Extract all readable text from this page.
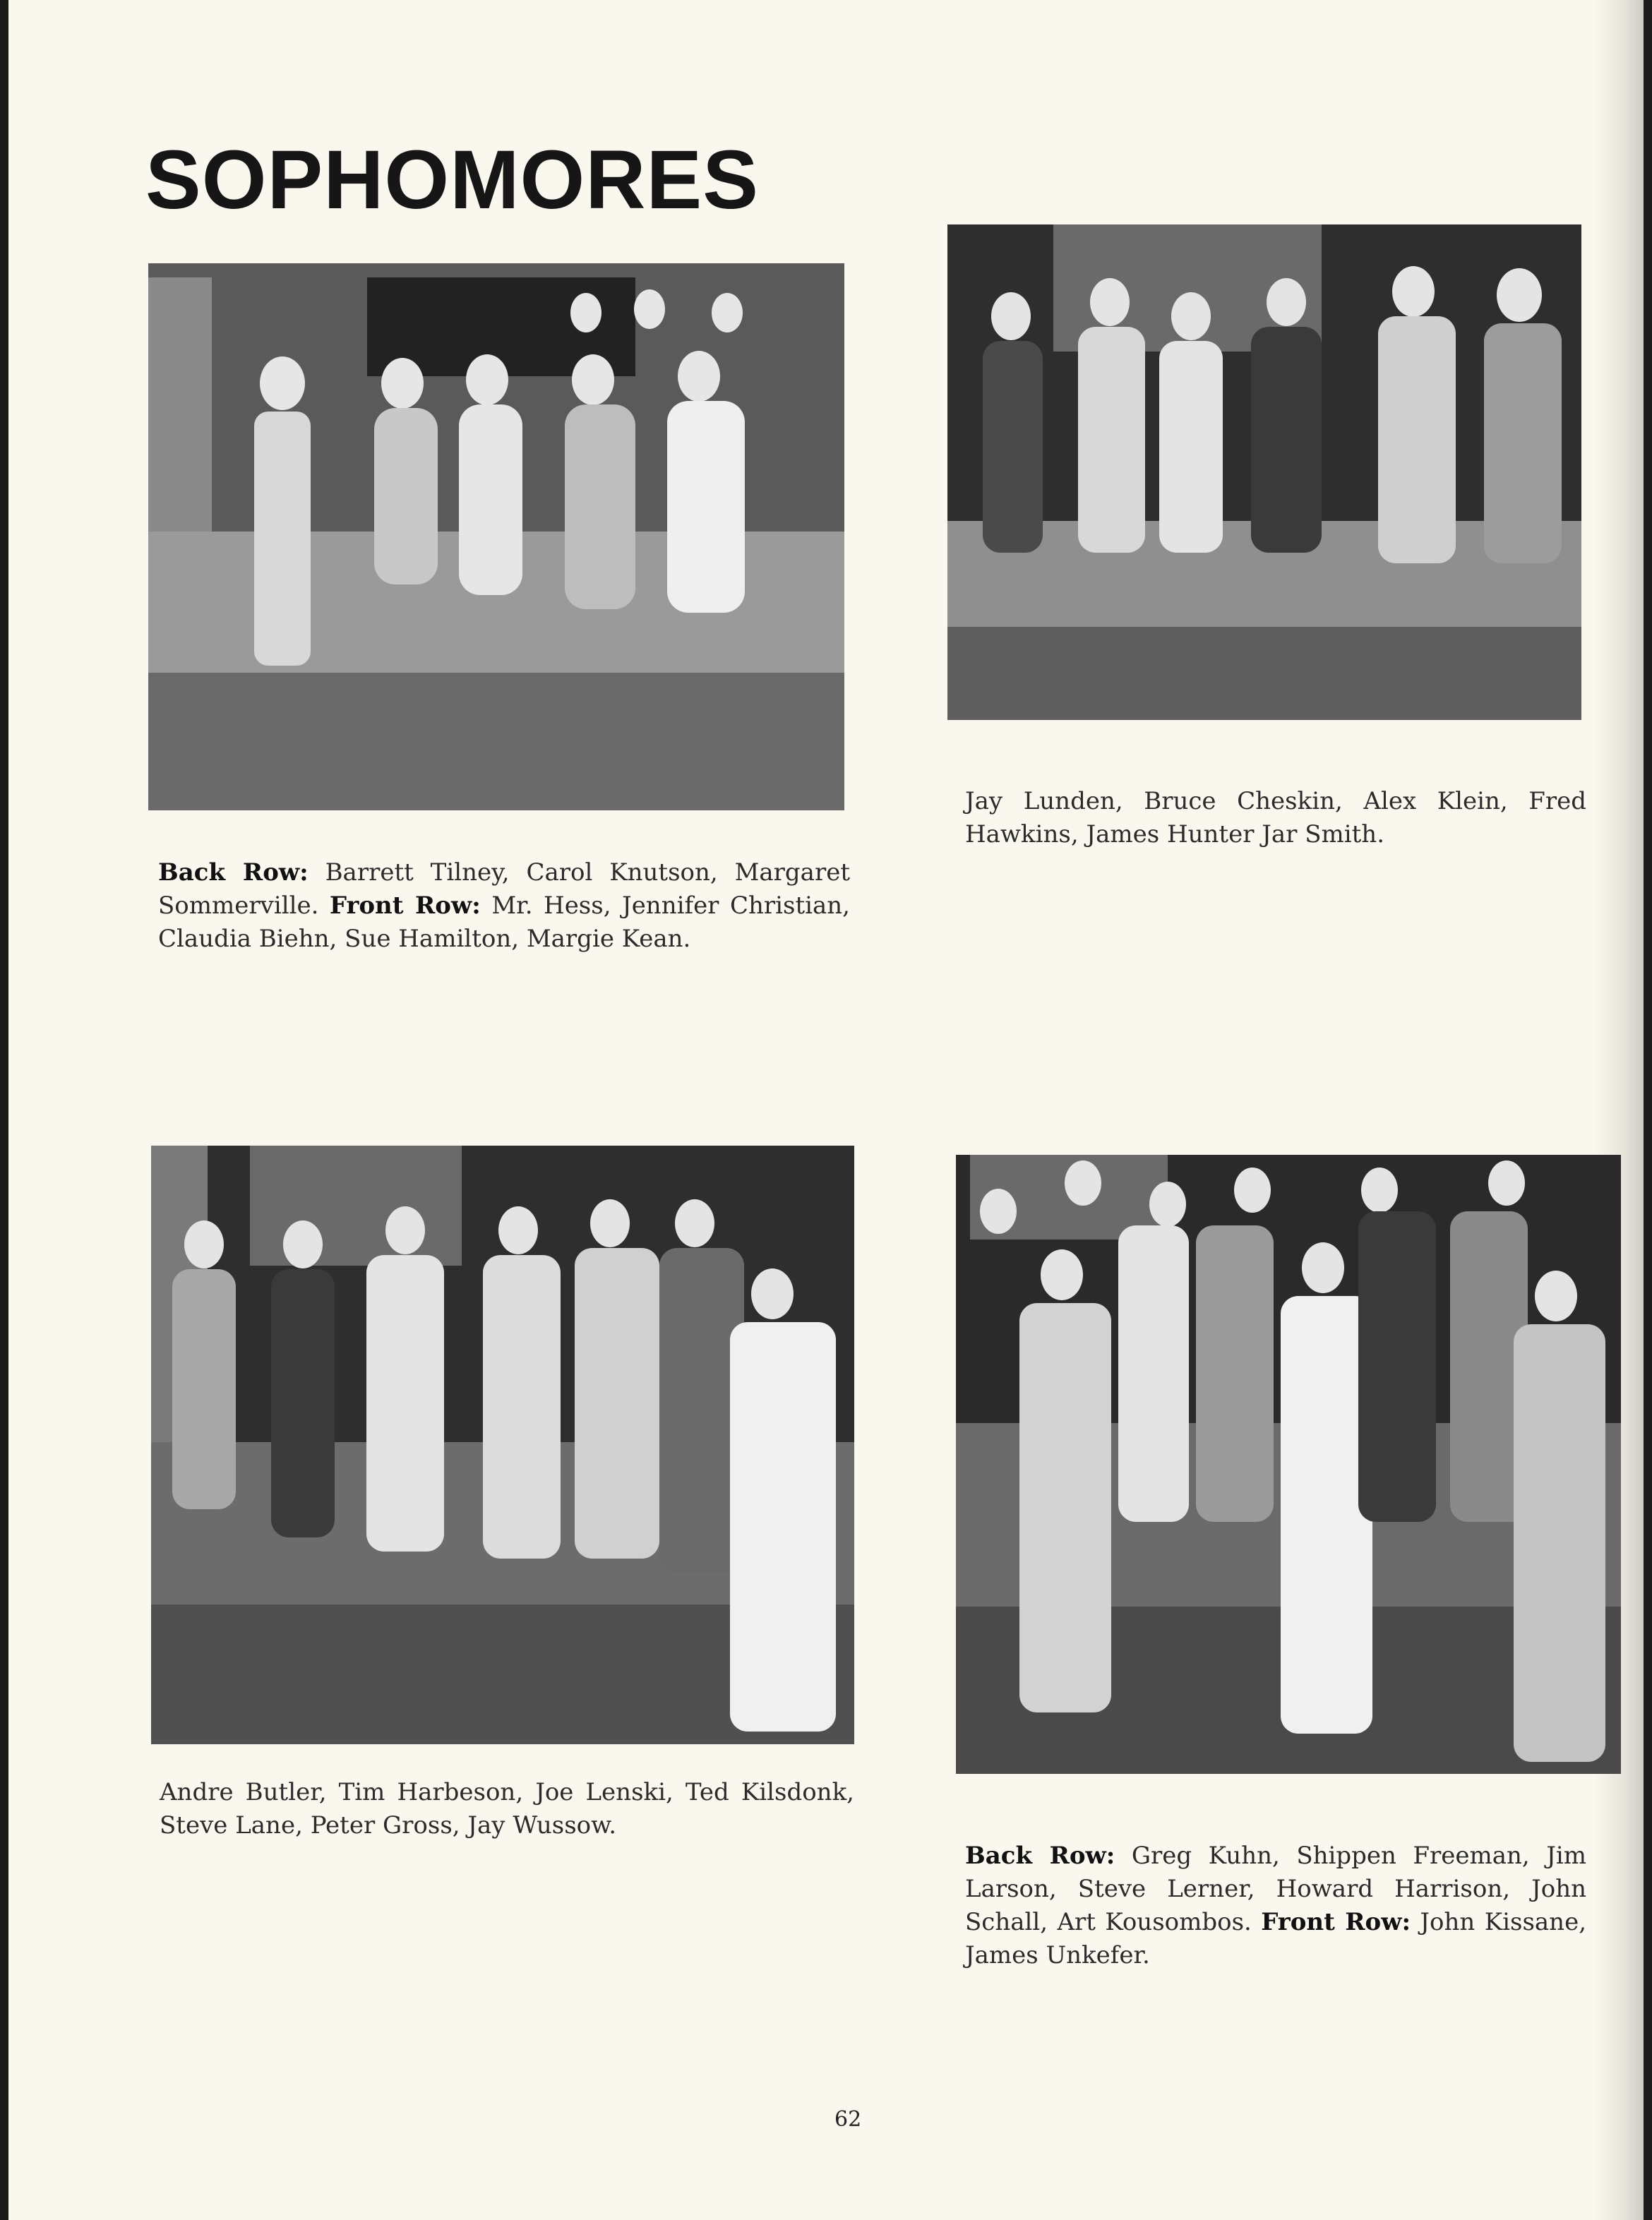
SOPHOMORES

Back Row: Barrett Tilney, Carol Knutson, Margaret Sommerville. Front Row: Mr. Hess, Jennifer Christian, Claudia Biehn, Sue Hamilton, Margie Kean.

Jay Lunden, Bruce Cheskin, Alex Klein, Fred Hawkins, James Hunter Jar Smith.

Andre Butler, Tim Harbeson, Joe Lenski, Ted Kilsdonk, Steve Lane, Peter Gross, Jay Wussow.

Back Row: Greg Kuhn, Shippen Freeman, Jim Larson, Steve Lerner, Howard Harrison, John Schall, Art Kousombos. Front Row: John Kissane, James Unkefer.

62
